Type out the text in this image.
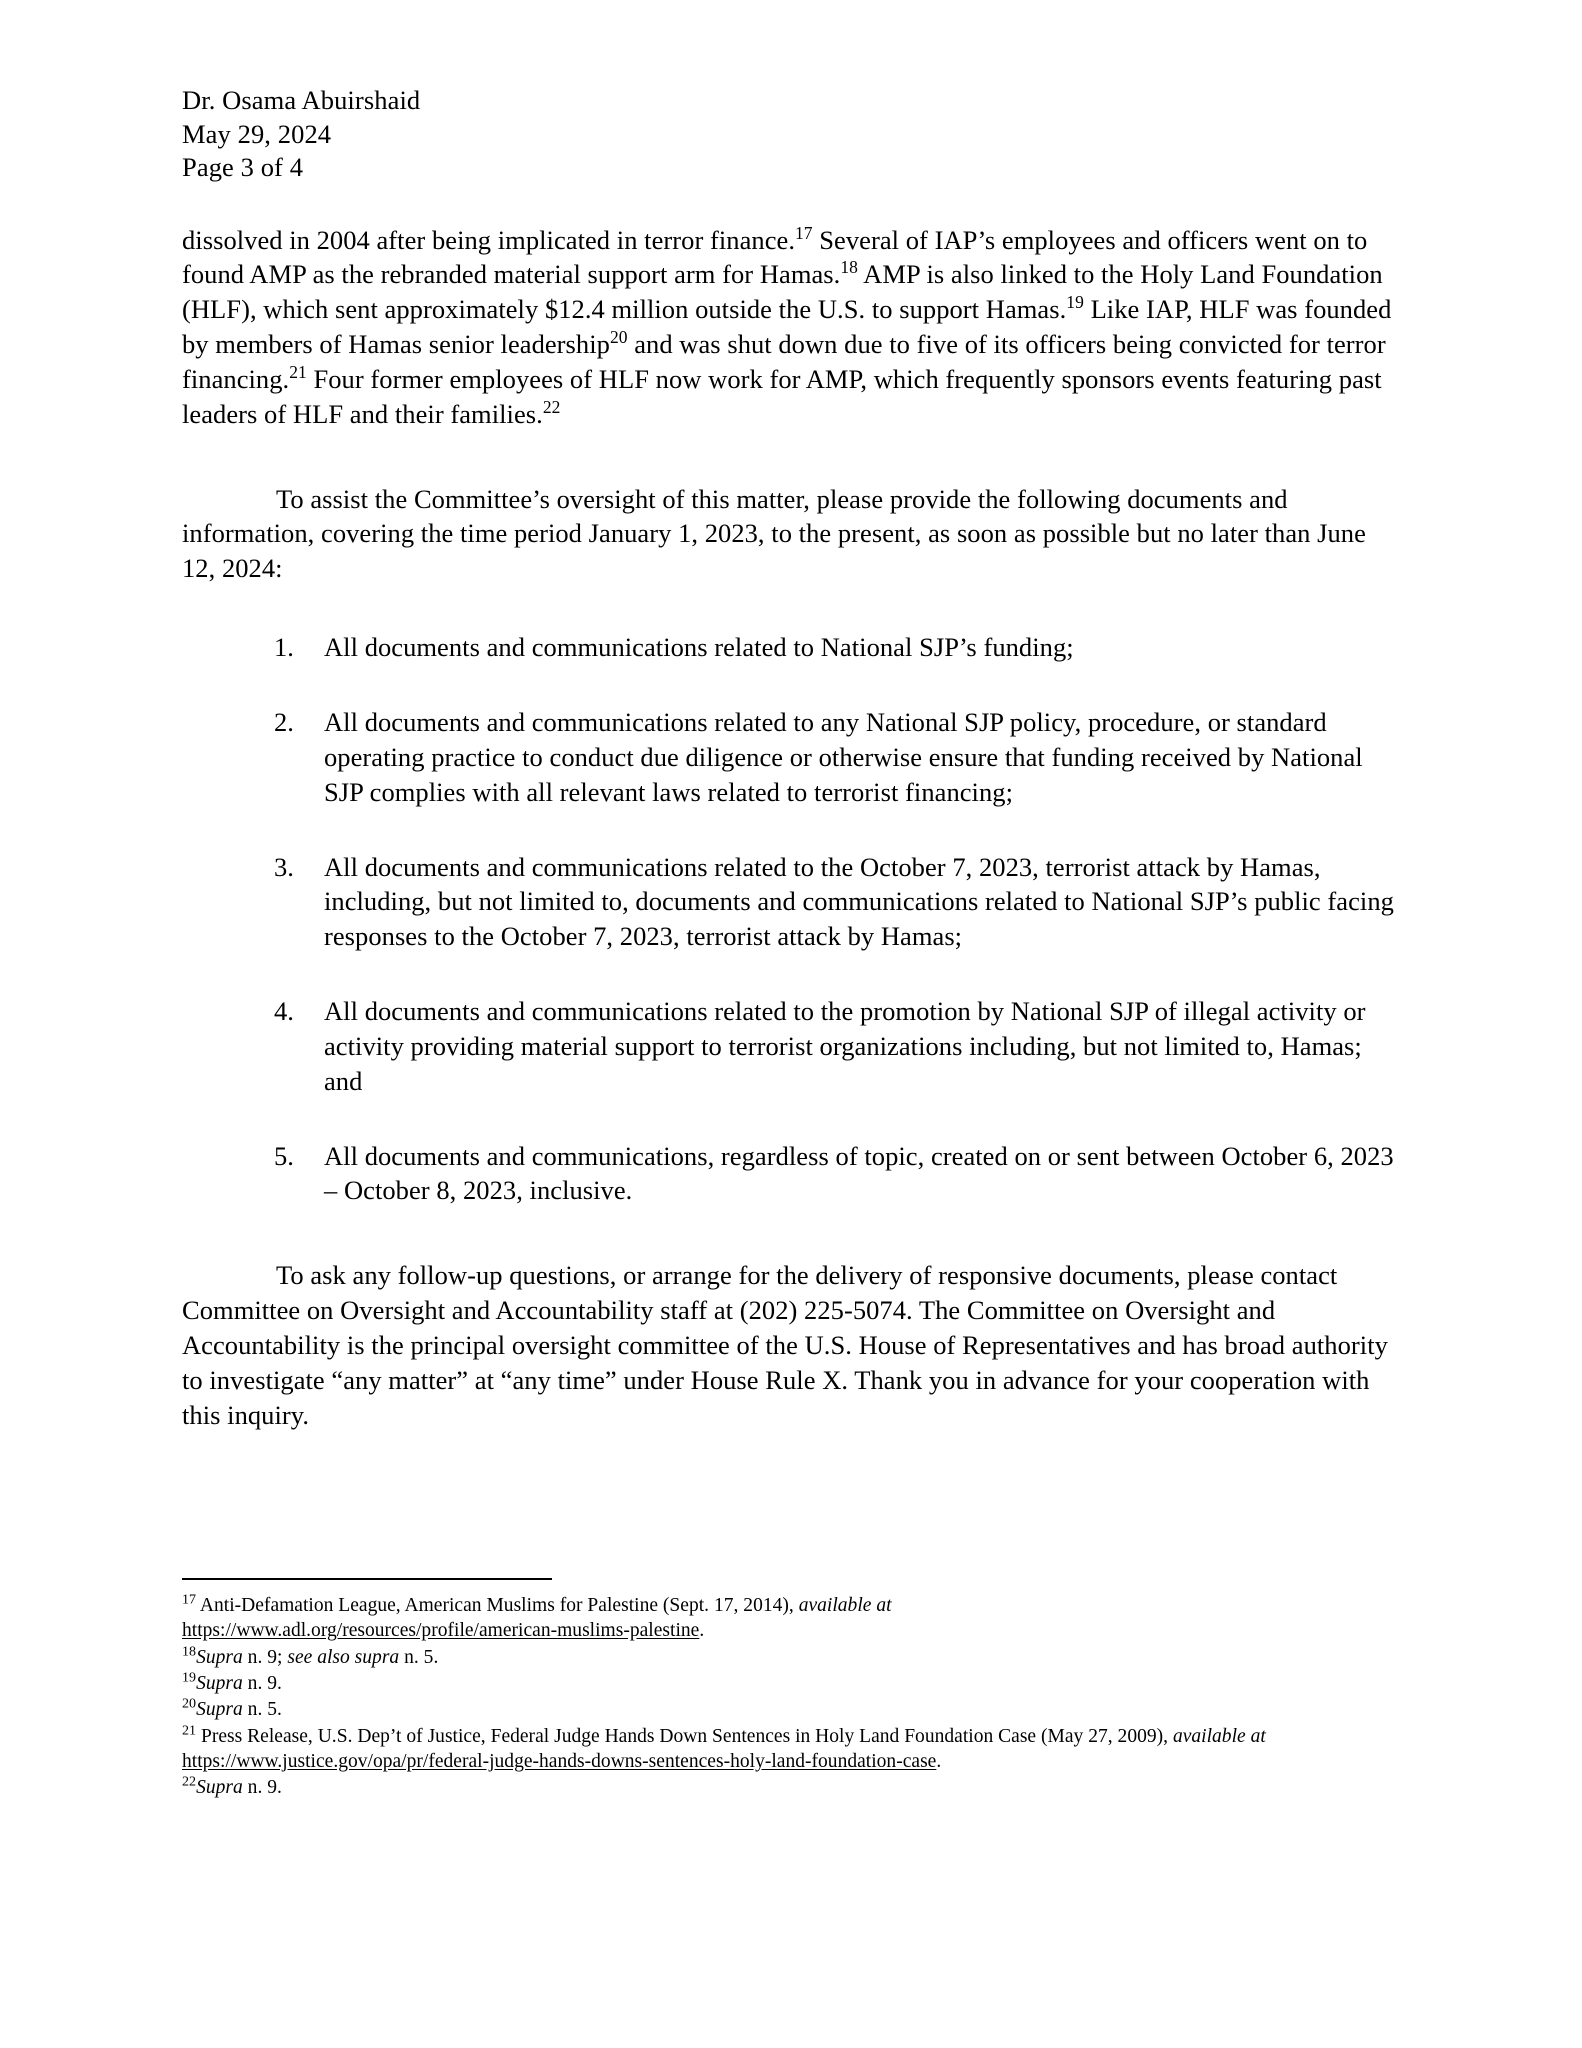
Dr. Osama Abuirshaid
May 29, 2024
Page 3 of 4

dissolved in 2004 after being implicated in terror finance.$^{17}$ Several of IAP’s employees and officers went on to found AMP as the rebranded material support arm for Hamas.$^{18}$ AMP is also linked to the Holy Land Foundation (HLF), which sent approximately $12.4 million outside the U.S. to support Hamas.$^{19}$ Like IAP, HLF was founded by members of Hamas senior leadership$^{20}$ and was shut down due to five of its officers being convicted for terror financing.$^{21}$ Four former employees of HLF now work for AMP, which frequently sponsors events featuring past leaders of HLF and their families.$^{22}$

To assist the Committee’s oversight of this matter, please provide the following documents and information, covering the time period January 1, 2023, to the present, as soon as possible but no later than June 12, 2024:

1.	All documents and communications related to National SJP’s funding;
2.	All documents and communications related to any National SJP policy, procedure, or standard operating practice to conduct due diligence or otherwise ensure that funding received by National SJP complies with all relevant laws related to terrorist financing;
3.	All documents and communications related to the October 7, 2023, terrorist attack by Hamas, including, but not limited to, documents and communications related to National SJP’s public facing responses to the October 7, 2023, terrorist attack by Hamas;
4.	All documents and communications related to the promotion by National SJP of illegal activity or activity providing material support to terrorist organizations including, but not limited to, Hamas; and
5.	All documents and communications, regardless of topic, created on or sent between October 6, 2023 – October 8, 2023, inclusive.

To ask any follow-up questions, or arrange for the delivery of responsive documents, please contact Committee on Oversight and Accountability staff at (202) 225-5074. The Committee on Oversight and Accountability is the principal oversight committee of the U.S. House of Representatives and has broad authority to investigate “any matter” at “any time” under House Rule X. Thank you in advance for your cooperation with this inquiry.

$^{17}$ Anti-Defamation League, American Muslims for Palestine (Sept. 17, 2014), available at
https://www.adl.org/resources/profile/american-muslims-palestine.
$^{18}$Supra n. 9; see also supra n. 5.
$^{19}$Supra n. 9.
$^{20}$Supra n. 5.
$^{21}$ Press Release, U.S. Dep’t of Justice, Federal Judge Hands Down Sentences in Holy Land Foundation Case (May 27, 2009), available at https://www.justice.gov/opa/pr/federal-judge-hands-downs-sentences-holy-land-foundation-case.
$^{22}$Supra n. 9.
